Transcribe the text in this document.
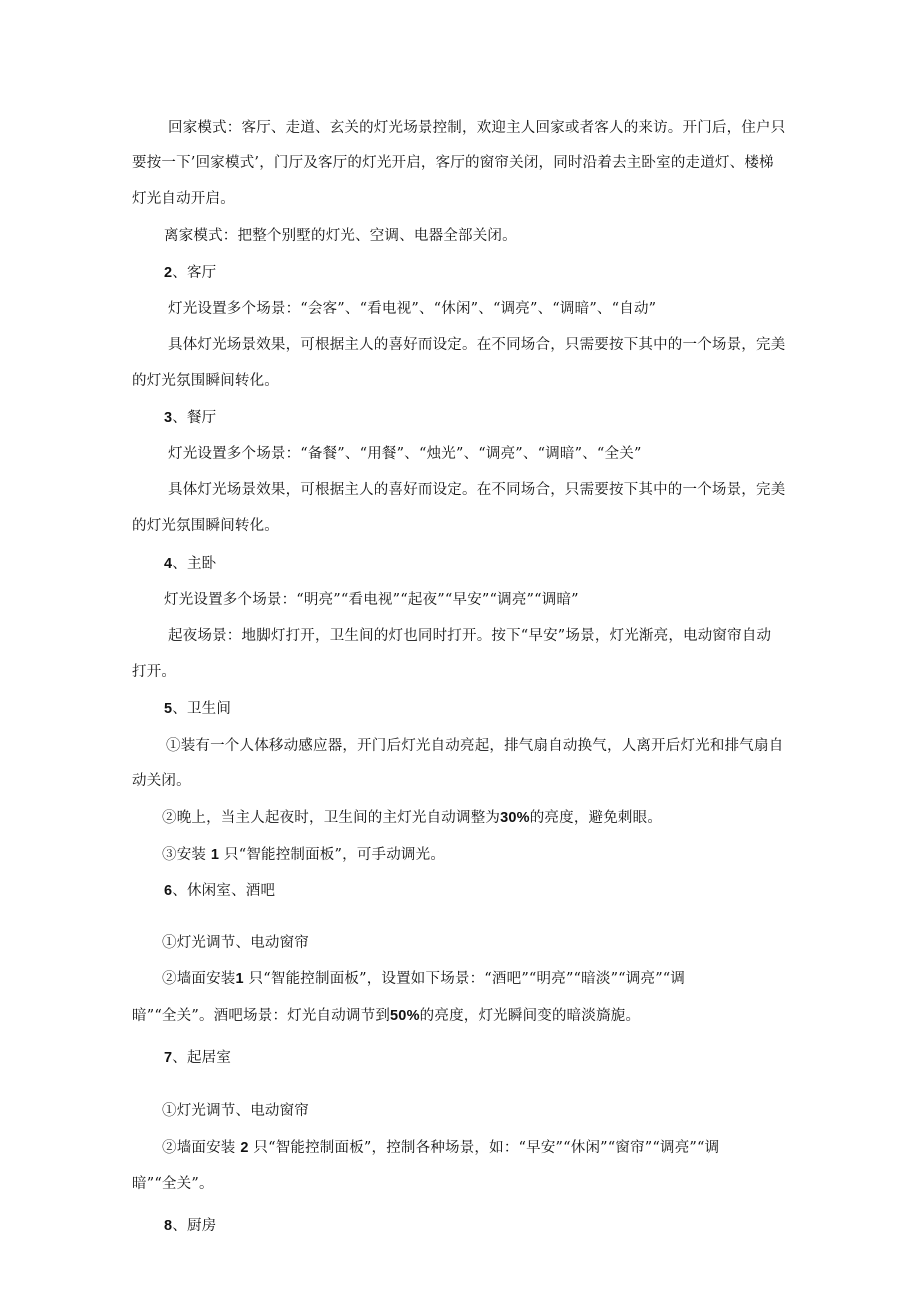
回家模式：客厅、走道、玄关的灯光场景控制，欢迎主人回家或者客人的来访。开门后，住户只
要按一下’回家模式’，门厅及客厅的灯光开启，客厅的窗帘关闭，同时沿着去主卧室的走道灯、楼梯
灯光自动开启。
离家模式：把整个别墅的灯光、空调、电器全部关闭。
2、客厅
灯光设置多个场景：“会客”、“看电视”、“休闲”、“调亮”、“调暗”、“自动”
具体灯光场景效果，可根据主人的喜好而设定。在不同场合，只需要按下其中的一个场景，完美
的灯光氛围瞬间转化。
3、餐厅
灯光设置多个场景：“备餐”、“用餐”、“烛光”、“调亮”、“调暗”、“全关”
具体灯光场景效果，可根据主人的喜好而设定。在不同场合，只需要按下其中的一个场景，完美
的灯光氛围瞬间转化。
4、主卧
灯光设置多个场景：“明亮”“看电视”“起夜”“早安”“调亮”“调暗”
起夜场景：地脚灯打开，卫生间的灯也同时打开。按下“早安”场景，灯光渐亮，电动窗帘自动
打开。
5、卫生间
①装有一个人体移动感应器，开门后灯光自动亮起，排气扇自动换气，人离开后灯光和排气扇自
动关闭。
②晚上，当主人起夜时，卫生间的主灯光自动调整为30%的亮度，避免刺眼。
③安装 1 只“智能控制面板”，可手动调光。
6、休闲室、酒吧
①灯光调节、电动窗帘
②墙面安装1 只“智能控制面板”，设置如下场景：“酒吧”“明亮”“暗淡”“调亮”“调
暗”“全关”。酒吧场景：灯光自动调节到50%的亮度，灯光瞬间变的暗淡旖旎。
7、起居室
①灯光调节、电动窗帘
②墙面安装 2 只“智能控制面板”，控制各种场景，如：“早安”“休闲”“窗帘”“调亮”“调
暗”“全关”。
8、厨房
